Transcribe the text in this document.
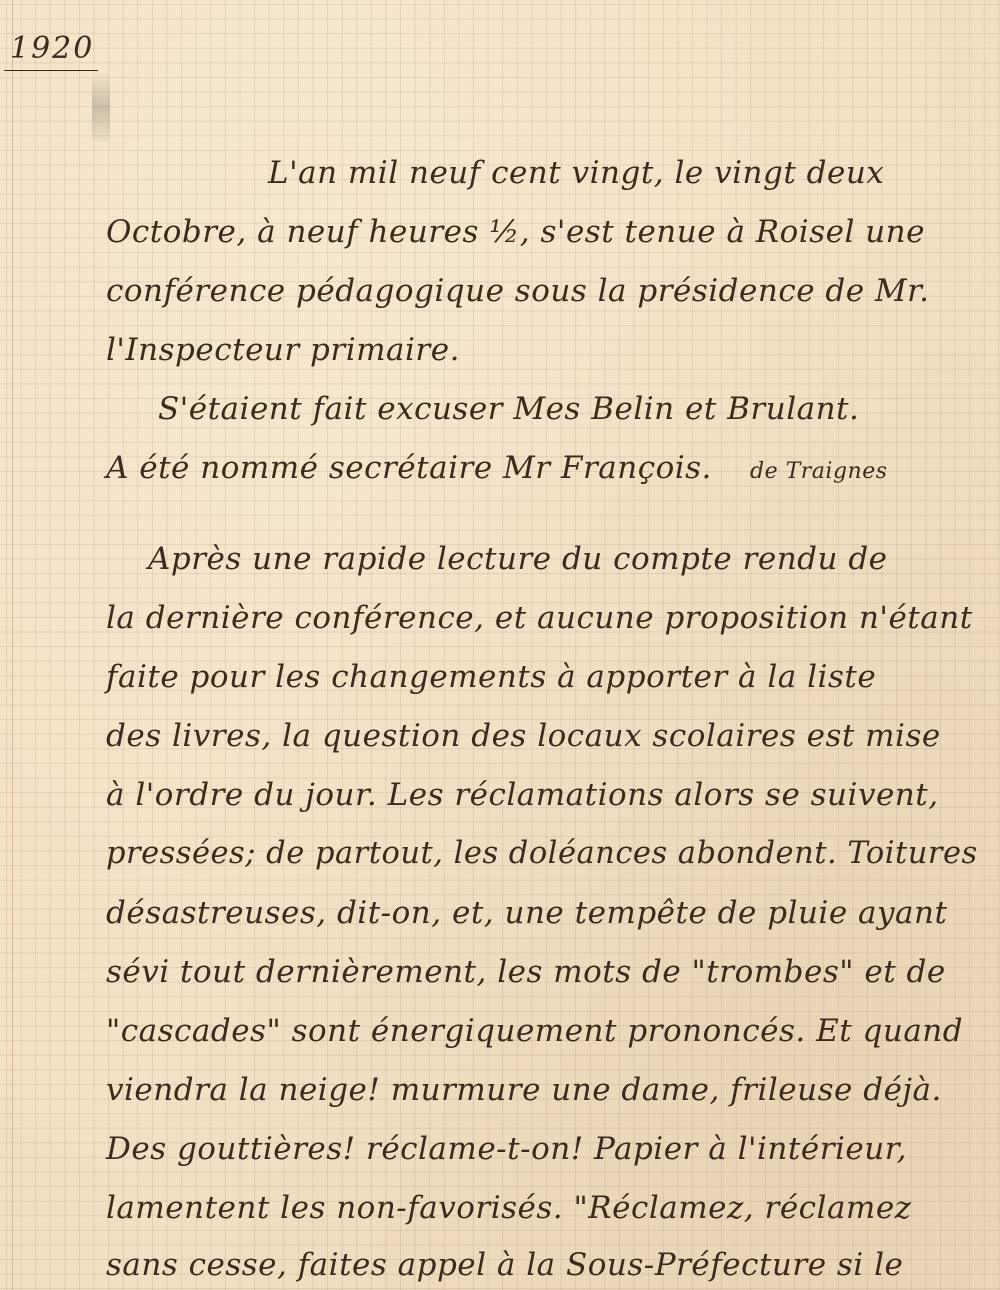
1920
L'an mil neuf cent vingt, le vingt deux
Octobre, à neuf heures ½, s'est tenue à Roisel une
conférence pédagogique sous la présidence de Mr.
l'Inspecteur primaire.
S'étaient fait excuser Mes Belin et Brulant.
A été nommé secrétaire Mr François. de Traignes
Après une rapide lecture du compte rendu de
la dernière conférence, et aucune proposition n'étant
faite pour les changements à apporter à la liste
des livres, la question des locaux scolaires est mise
à l'ordre du jour. Les réclamations alors se suivent,
pressées; de partout, les doléances abondent. Toitures
désastreuses, dit-on, et, une tempête de pluie ayant
sévi tout dernièrement, les mots de "trombes" et de
"cascades" sont énergiquement prononcés. Et quand
viendra la neige! murmure une dame, frileuse déjà.
Des gouttières! réclame-t-on! Papier à l'intérieur,
lamentent les non-favorisés. "Réclamez, réclamez
sans cesse, faites appel à la Sous-Préfecture si le
